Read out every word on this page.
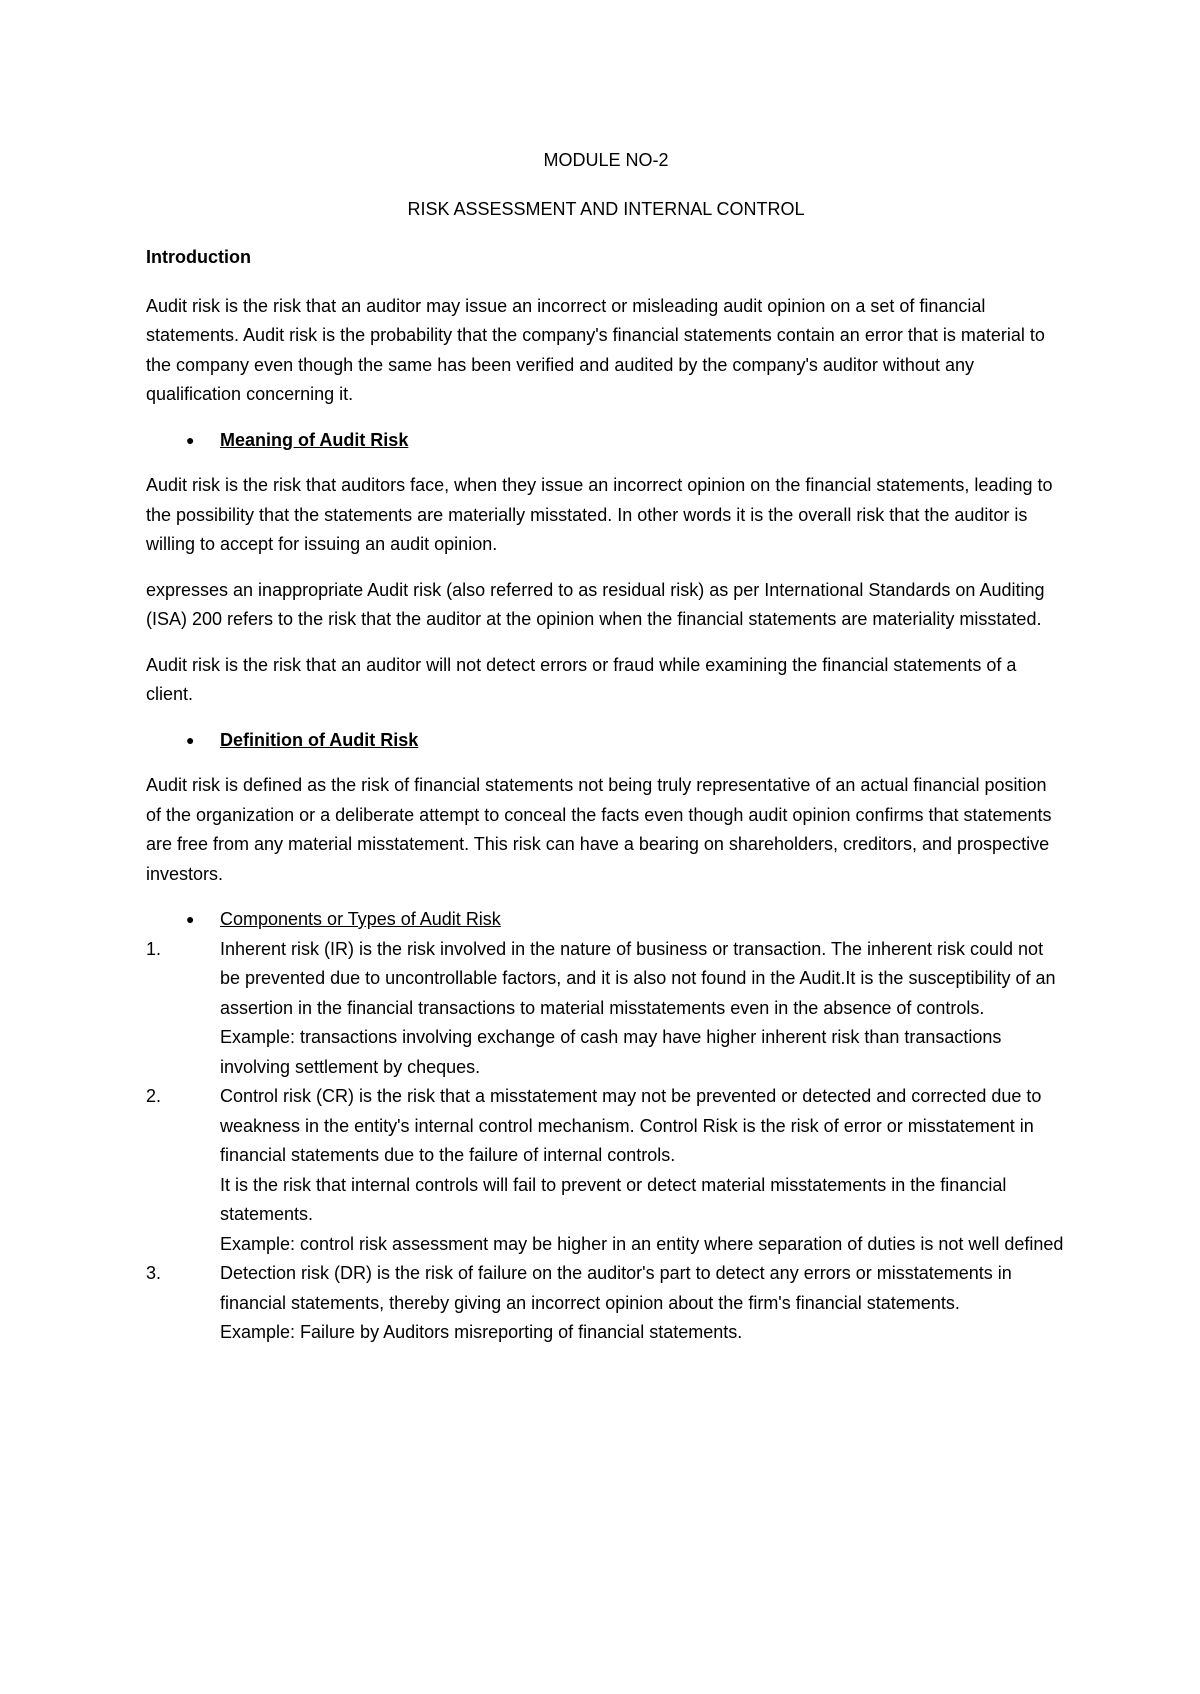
MODULE NO-2
RISK ASSESSMENT AND INTERNAL CONTROL
Introduction

Audit risk is the risk that an auditor may issue an incorrect or misleading audit opinion on a set of financial statements. Audit risk is the probability that the company's financial statements contain an error that is material to the company even though the same has been verified and audited by the company's auditor without any qualification concerning it.

● Meaning of Audit Risk

Audit risk is the risk that auditors face, when they issue an incorrect opinion on the financial statements, leading to the possibility that the statements are materially misstated. In other words it is the overall risk that the auditor is willing to accept for issuing an audit opinion.

expresses an inappropriate Audit risk (also referred to as residual risk) as per International Standards on Auditing (ISA) 200 refers to the risk that the auditor at the opinion when the financial statements are materiality misstated.

Audit risk is the risk that an auditor will not detect errors or fraud while examining the financial statements of a client.

● Definition of Audit Risk

Audit risk is defined as the risk of financial statements not being truly representative of an actual financial position of the organization or a deliberate attempt to conceal the facts even though audit opinion confirms that statements are free from any material misstatement. This risk can have a bearing on shareholders, creditors, and prospective investors.

● Components or Types of Audit Risk
1.	Inherent risk (IR) is the risk involved in the nature of business or transaction. The inherent risk could not be prevented due to uncontrollable factors, and it is also not found in the Audit.It is the susceptibility of an assertion in the financial transactions to material misstatements even in the absence of controls.
Example: transactions involving exchange of cash may have higher inherent risk than transactions involving settlement by cheques.
2.	Control risk (CR) is the risk that a misstatement may not be prevented or detected and corrected due to weakness in the entity's internal control mechanism. Control Risk is the risk of error or misstatement in financial statements due to the failure of internal controls.
It is the risk that internal controls will fail to prevent or detect material misstatements in the financial statements.
Example: control risk assessment may be higher in an entity where separation of duties is not well defined
3.	Detection risk (DR) is the risk of failure on the auditor's part to detect any errors or misstatements in financial statements, thereby giving an incorrect opinion about the firm's financial statements.
Example: Failure by Auditors misreporting of financial statements.
